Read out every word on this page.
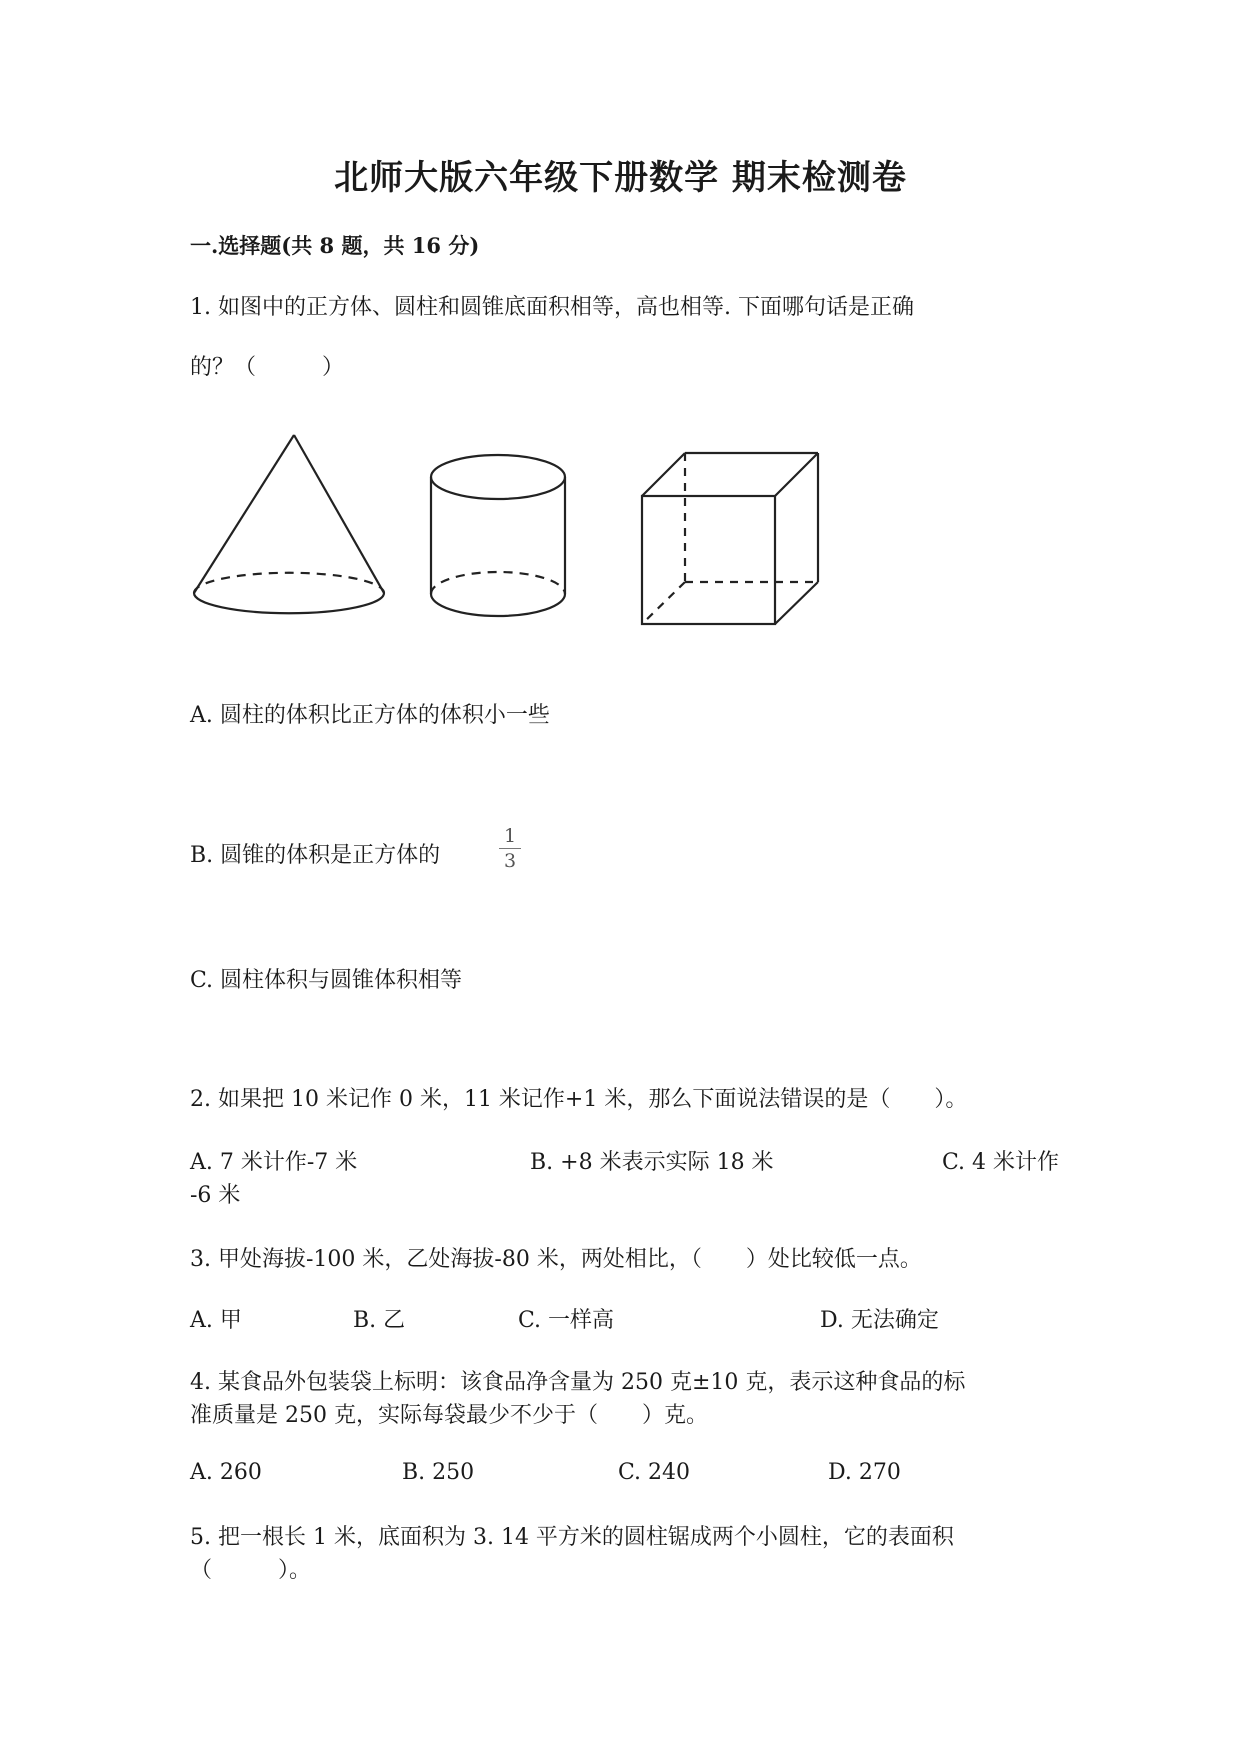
北师大版六年级下册数学 期末检测卷
一.选择题(共 8 题，共 16 分)
1. 如图中的正方体、圆柱和圆锥底面积相等，高也相等. 下面哪句话是正确
的？（　　　）
A. 圆柱的体积比正方体的体积小一些
B. 圆锥的体积是正方体的
1
3
C. 圆柱体积与圆锥体积相等
2. 如果把 10 米记作 0 米，11 米记作+1 米，那么下面说法错误的是（　　）。
A. 7 米计作-7 米	B. +8 米表示实际 18 米	C. 4 米计作
-6 米
3. 甲处海拔-100 米，乙处海拔-80 米，两处相比，（　　）处比较低一点。
A. 甲	B. 乙	C. 一样高	D. 无法确定
4. 某食品外包装袋上标明：该食品净含量为 250 克±10 克，表示这种食品的标
准质量是 250 克，实际每袋最少不少于（　　）克。
A. 260	B. 250	C. 240	D. 270
5. 把一根长 1 米，底面积为 3. 14 平方米的圆柱锯成两个小圆柱，它的表面积
（　　　）。
